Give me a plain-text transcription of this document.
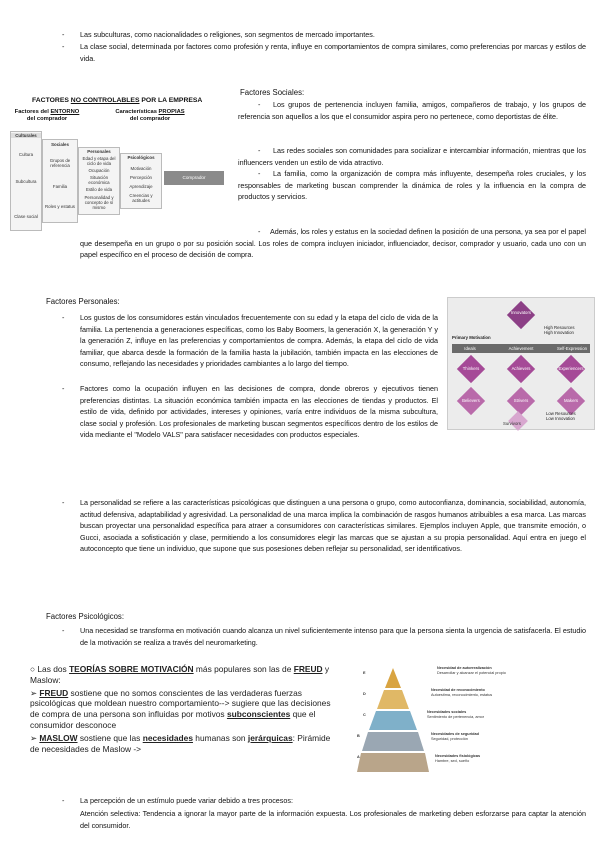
- Las subculturas, como nacionalidades o religiones, son segmentos de mercado importantes.

- La clase social, determinada por factores como profesión y renta, influye en comportamientos de compra similares, como preferencias por marcas y estilos de vida.

FACTORES NO CONTROLABLES POR LA EMPRESA
Factores del ENTORNO
del comprador
Características PROPIAS
del comprador
Culturales
Cultura
Subcultura
Clase social
Sociales
Grupos de referencia
Familia
Roles y estatus
Personales
Edad y etapa del ciclo de vida
Ocupación
Situación económica
Estilo de vida
Personalidad y concepto de sí mismo
Psicológicos
Motivación
Percepción
Aprendizaje
Creencias y actitudes
Comprador
Factores Sociales:
-	Los grupos de pertenencia incluyen familia, amigos, compañeros de trabajo, y los grupos de referencia son aquellos a los que el consumidor aspira pero no pertenece, como deportistas de élite.

-	Las redes sociales son comunidades para socializar e intercambiar información, mientras que los influencers venden un estilo de vida atractivo.

-	La familia, como la organización de compra más influyente, desempeña roles cruciales, y los responsables de marketing buscan comprender la dinámica de roles y la influencia en la compra de productos y servicios.

-	Además, los roles y estatus en la sociedad definen la posición de una persona, ya sea por el papel que desempeña en un grupo o por su posición social. Los roles de compra incluyen iniciador, influenciador, decisor, comprador y usuario, cada uno con un papel específico en el proceso de decisión de compra.

Factores Personales:
- Los gustos de los consumidores están vinculados frecuentemente con su edad y la etapa del ciclo de vida de la familia. La pertenencia a generaciones específicas, como los Baby Boomers, la generación X, la generación Y y la generación Z, influye en las preferencias y comportamientos de compra. Además, la etapa del ciclo de vida familiar, que abarca desde la formación de la familia hasta la jubilación, también impacta en las elecciones de consumo, reflejando las necesidades y prioridades cambiantes a lo largo del tiempo.

- Factores como la ocupación influyen en las decisiones de compra, donde obreros y ejecutivos tienen preferencias distintas. La situación económica también impacta en las elecciones de tiendas y productos. El estilo de vida, definido por actividades, intereses y opiniones, varía entre individuos de la misma subcultura, clase social y profesión. Los profesionales de marketing buscan segmentos específicos dentro de los estilos de vida mediante el "Modelo VALS" para satisfacer necesidades con productos especiales.

- La personalidad se refiere a las características psicológicas que distinguen a una persona o grupo, como autoconfianza, dominancia, sociabilidad, autonomía, actitud defensiva, adaptabilidad y agresividad. La personalidad de una marca implica la combinación de rasgos humanos atribuibles a esa marca. Las marcas buscan proyectar una personalidad específica para atraer a consumidores con características similares. Ejemplos incluyen Apple, que transmite emoción, o Gucci, asociada a sofisticación y clase, permitiendo a los consumidores elegir las marcas que se ajustan a su propia personalidad. Aquí entra en juego el autoconcepto que tiene un individuo, que supone que sus posesiones deben reflejar su personalidad, ser identificativos.

Innovators
High Resources
High Innovation
Primary Motivation
Ideals	Achievement	Self-Expression
Thinkers	Achievers	Experiencers
Believers	Strivers	Makers
Low Resources
Low Innovation
Survivors
Factores Psicológicos:
- Una necesidad se transforma en motivación cuando alcanza un nivel suficientemente intenso para que la persona sienta la urgencia de satisfacerla. El estudio de la motivación se realiza a través del neuromarketing.

○ Las dos TEORÍAS SOBRE MOTIVACIÓN más populares son las de FREUD y Maslow:
➢ FREUD sostiene que no somos conscientes de las verdaderas fuerzas psicológicas que moldean nuestro comportamiento--> sugiere que las decisiones de compra de una persona son influidas por motivos subconscientes que el consumidor desconoce
➢ MASLOW sostiene que las necesidades humanas son jerárquicas: Pirámide de necesidades de Maslow ->
E
D
C
B
A
Necesidad de autorrealización
Desarrollar y alcanzar el potencial propio
Necesidad de reconocimiento
Autoestima, reconocimiento, estatus
Necesidades sociales
Sentimiento de pertenencia, amor
Necesidades de seguridad
Seguridad, protección
Necesidades fisiológicas
Hambre, sed, sueño
- La percepción de un estímulo puede variar debido a tres procesos:

Atención selectiva: Tendencia a ignorar la mayor parte de la información expuesta. Los profesionales de marketing deben esforzarse para captar la atención del consumidor.
